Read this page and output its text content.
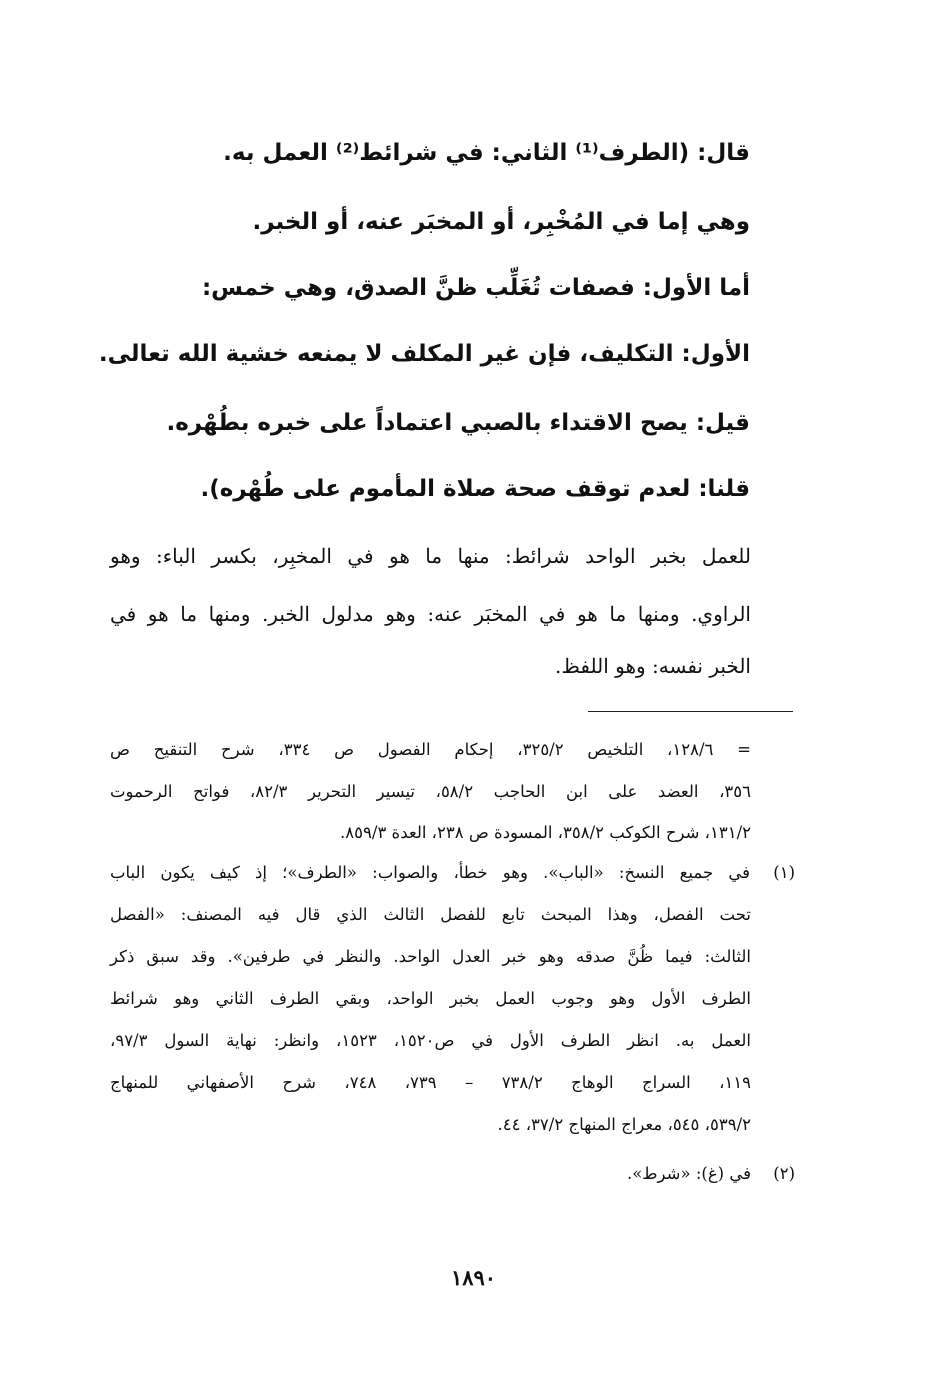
قال: (الطرف⁽¹⁾ الثاني: في شرائط⁽²⁾ العمل به.
وهي إما في المُخْبِر، أو المخبَر عنه، أو الخبر.
أما الأول: فصفات تُغَلِّب ظنَّ الصدق، وهي خمس:
الأول: التكليف، فإن غير المكلف لا يمنعه خشية الله تعالى.
قيل: يصح الاقتداء بالصبي اعتماداً على خبره بطُهْره.
قلنا: لعدم توقف صحة صلاة المأموم على طُهْره).
للعمل بخبر الواحد شرائط: منها ما هو في المخبِر، بكسر الباء: وهو
الراوي. ومنها ما هو في المخبَر عنه: وهو مدلول الخبر. ومنها ما هو في
الخبر نفسه: وهو اللفظ.
= ١٢٨/٦، التلخيص ٣٢٥/٢، إحكام الفصول ص ٣٣٤، شرح التنقيح ص
٣٥٦، العضد على ابن الحاجب ٥٨/٢، تيسير التحرير ٨٢/٣، فواتح الرحموت
١٣١/٢، شرح الكوكب ٣٥٨/٢، المسودة ص ٢٣٨، العدة ٨٥٩/٣.
(١)
في جميع النسخ: «الباب». وهو خطأ، والصواب: «الطرف»؛ إذ كيف يكون الباب
تحت الفصل، وهذا المبحث تابع للفصل الثالث الذي قال فيه المصنف: «الفصل
الثالث: فيما ظُنَّ صدقه وهو خبر العدل الواحد. والنظر في طرفين». وقد سبق ذكر
الطرف الأول وهو وجوب العمل بخبر الواحد، وبقي الطرف الثاني وهو شرائط
العمل به. انظر الطرف الأول في ص١٥٢٠، ١٥٢٣، وانظر: نهاية السول ٩٧/٣،
١١٩، السراج الوهاج ٧٣٨/٢ – ٧٣٩، ٧٤٨، شرح الأصفهاني للمنهاج
٥٣٩/٢، ٥٤٥، معراج المنهاج ٣٧/٢، ٤٤.
(٢)
في (غ): «شرط».
١٨٩٠
